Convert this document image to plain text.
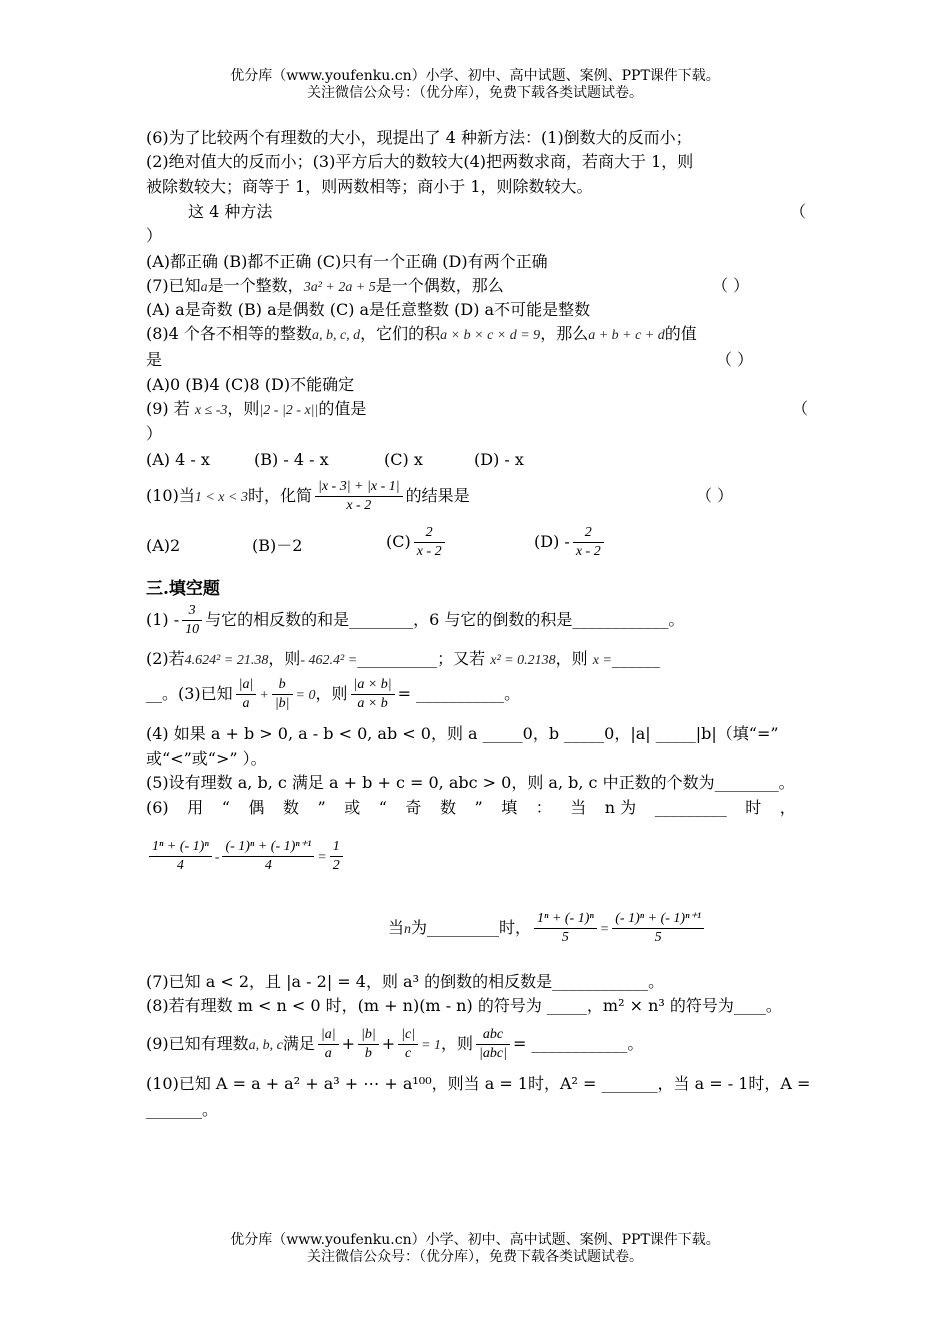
优分库（www.youfenku.cn）小学、初中、高中试题、案例、PPT课件下载。
关注微信公众号：（优分库），免费下载各类试题试卷。
(6)为了比较两个有理数的大小，现提出了 4 种新方法：(1)倒数大的反而小；
(2)绝对值大的反而小；(3)平方后大的数较大(4)把两数求商，若商大于 1，则
被除数较大；商等于 1，则两数相等；商小于 1，则除数较大。
这 4 种方法	（
）
(A)都正确 (B)都不正确 (C)只有一个正确 (D)有两个正确
(7)已知a是一个整数，3a² + 2a + 5是一个偶数，那么	（ ）
(A) a是奇数 (B) a是偶数 (C) a是任意整数 (D) a不可能是整数
(8)4 个各不相等的整数a, b, c, d，它们的积a × b × c × d = 9，那么a + b + c + d的值
是	（ ）
(A)0 (B)4 (C)8 (D)不能确定
(9) 若 x ≤ -3，则|2 - |2 - x||的值是	（
）
(A) 4 - x	(B) - 4 - x	(C) x	(D) - x
(10)当1 < x < 3时，化简 $\frac{|x - 3| + |x - 1|}{x - 2}$ 的结果是	（ ）
(A)2	(B)－2	$(C) \frac{2}{x - 2}$	$(D) - \frac{2}{x - 2}$
三.填空题
$(1) - \frac{3}{10}$ 与它的相反数的和是________，6 与它的倒数的积是____________。
(2)若4.624² = 21.38，则- 462.4² =__________；又若 x² = 0.2138，则 x =______
__。(3)已知 $\frac{|a|}{a} + \frac{b}{|b|} = 0$，则 $\frac{|a \times b|}{a \times b}$ = ___________。
(4) 如果 a + b > 0, a - b < 0, ab < 0，则 a _____0，b _____0，|a| _____|b|（填“=”
或“<”或“>” ）。
(5)设有理数 a, b, c 满足 a + b + c = 0, abc > 0，则 a, b, c 中正数的个数为________。
(6) 用 “ 偶 数 ” 或 “ 奇 数 ” 填 ： 当 n 为 _________ 时 ，
$\frac{\text{1ⁿ + (- 1)ⁿ}}{4} - \frac{\text{(- 1)ⁿ + (- 1)ⁿ⁺¹}}{4} = \frac{1}{2}$
当n为_________时， $\frac{\text{1ⁿ + (- 1)ⁿ}}{5} = \frac{\text{(- 1)ⁿ + (- 1)ⁿ⁺¹}}{5}$
(7)已知 a < 2，且 |a - 2| = 4，则 a³ 的倒数的相反数是____________。
(8)若有理数 m < n < 0 时，(m + n)(m - n) 的符号为 _____，m² × n³ 的符号为____。
(9)已知有理数a, b, c满足 $\frac{|a|}{a} + \frac{|b|}{b} + \frac{|c|}{c} = 1$，则 $\frac{\text{abc}}{\text{|abc|}}$ = ____________。
(10)已知 A = a + a² + a³ + ⋯ + a¹⁰⁰，则当 a = 1时，A² = _______，当 a = - 1时，A =
_______。
优分库（www.youfenku.cn）小学、初中、高中试题、案例、PPT课件下载。
关注微信公众号：（优分库），免费下载各类试题试卷。
